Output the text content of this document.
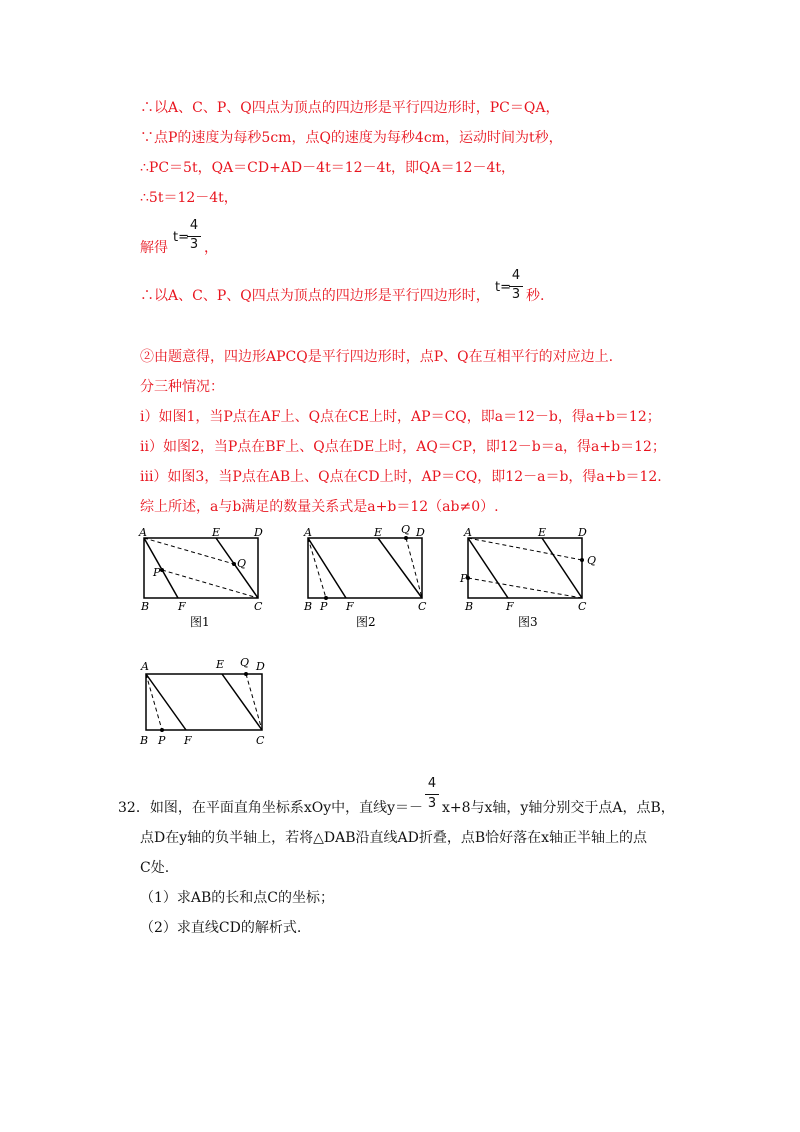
∴以A、C、P、Q四点为顶点的四边形是平行四边形时，PC＝QA，
∵点P的速度为每秒5cm，点Q的速度为每秒4cm，运动时间为t秒，
∴PC＝5t，QA＝CD+AD－4t＝12－4t，即QA＝12－4t，
∴5t＝12－4t，
解得
t=
4
3 ，
∴以A、C、P、Q四点为顶点的四边形是平行四边形时，
t=
4
3 秒.
②由题意得，四边形APCQ是平行四边形时，点P、Q在互相平行的对应边上.
分三种情况：
i）如图1，当P点在AF上、Q点在CE上时，AP＝CQ，即a＝12－b，得a+b＝12；
ii）如图2，当P点在BF上、Q点在DE上时，AQ＝CP，即12－b＝a，得a+b＝12；
iii）如图3，当P点在AB上、Q点在CD上时，AP＝CQ，即12－a＝b，得a+b＝12.
综上所述，a与b满足的数量关系式是a+b＝12（ab≠0）.
A	E	D
B	F	C
P
Q
图1
A	E Q D
B P F	C
图2
A	E	D
Q
P
B	F	C
图3
A	E Q D
B P F	C
32．如图，在平面直角坐标系xOy中，直线y＝－
4
3 x+8与x轴，y轴分别交于点A，点B，
点D在y轴的负半轴上，若将△DAB沿直线AD折叠，点B恰好落在x轴正半轴上的点
C处.
（1）求AB的长和点C的坐标；
（2）求直线CD的解析式.
